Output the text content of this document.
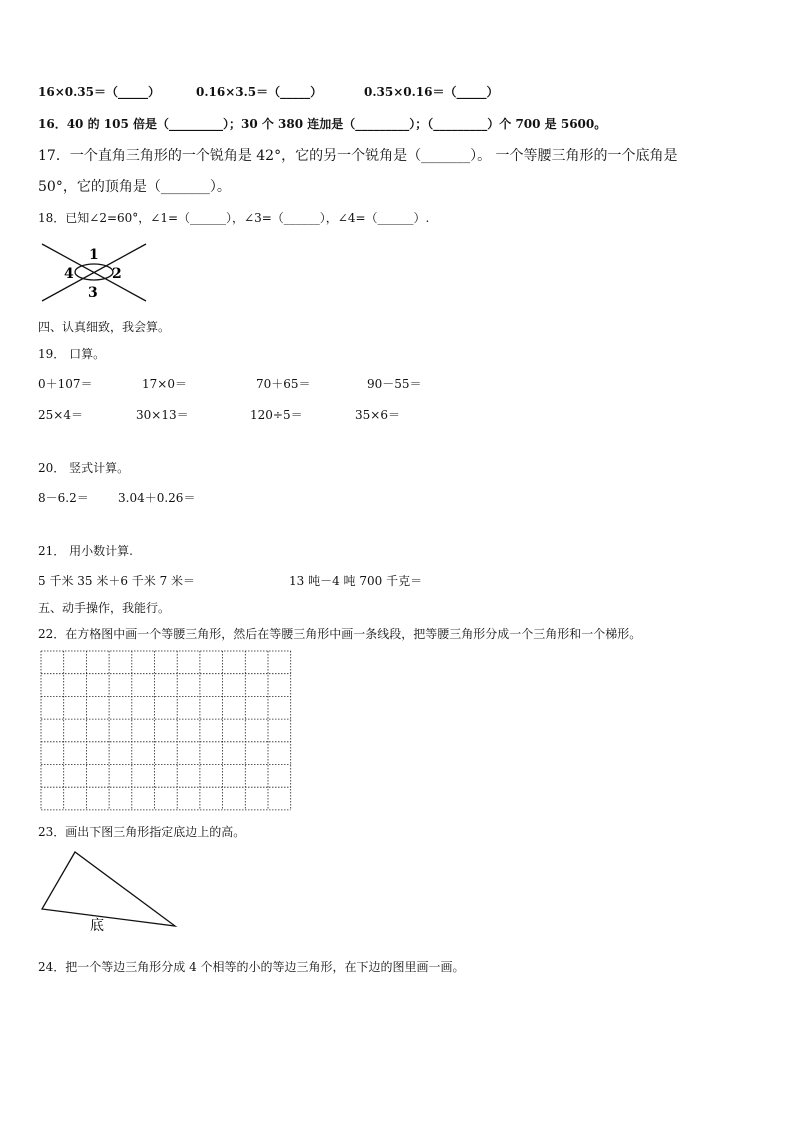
16×0.35＝（_____）	0.16×3.5＝（_____）	0.35×0.16＝（_____）
16．40 的 105 倍是（_________）；30 个 380 连加是（_________）；（_________）个 700 是 5600。
17．一个直角三角形的一个锐角是 42°，它的另一个锐角是（_______）。 一个等腰三角形的一个底角是
50°，它的顶角是（_______）。
18．已知∠2=60°，∠1=（______），∠3=（______），∠4=（______）.
1
2
3
4
四、认真细致，我会算。
19． 口算。
0＋107＝	17×0＝	70＋65＝	90－55＝
25×4＝	30×13＝	120÷5＝	35×6＝
20． 竖式计算。
8－6.2＝ 3.04＋0.26＝
21． 用小数计算.
5 千米 35 米＋6 千米 7 米＝	13 吨－4 吨 700 千克＝
五、动手操作，我能行。
22．在方格图中画一个等腰三角形，然后在等腰三角形中画一条线段，把等腰三角形分成一个三角形和一个梯形。
23．画出下图三角形指定底边上的高。
底
24．把一个等边三角形分成 4 个相等的小的等边三角形，在下边的图里画一画。
